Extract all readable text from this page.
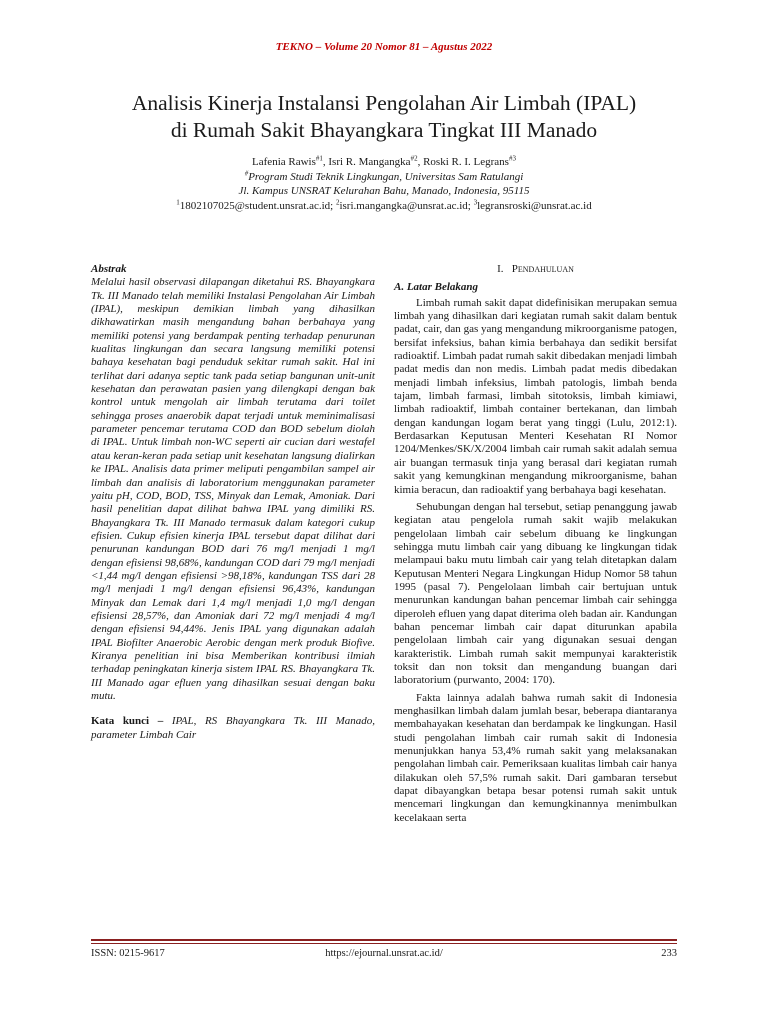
TEKNO – Volume 20 Nomor 81 – Agustus 2022
Analisis Kinerja Instalansi Pengolahan Air Limbah (IPAL)
di Rumah Sakit Bhayangkara Tingkat III Manado
Lafenia Rawis$^{\#1}$, Isri R. Mangangka$^{\#2}$, Roski R. I. Legrans$^{\#3}$
#Program Studi Teknik Lingkungan, Universitas Sam Ratulangi
Jl. Kampus UNSRAT Kelurahan Bahu, Manado, Indonesia, 95115
$^1$1802107025@student.unsrat.ac.id; $^2$isri.mangangka@unsrat.ac.id; $^3$legransroski@unsrat.ac.id
Abstrak

Melalui hasil observasi dilapangan diketahui RS. Bhayangkara Tk. III Manado telah memiliki Instalasi Pengolahan Air Limbah (IPAL), meskipun demikian limbah yang dihasilkan dikhawatirkan masih mengandung bahan berbahaya yang memiliki potensi yang berdampak penting terhadap penurunan kualitas lingkungan dan secara langsung memiliki potensi bahaya kesehatan bagi penduduk sekitar rumah sakit. Hal ini terlihat dari adanya septic tank pada setiap bangunan unit-unit kesehatan dan perawatan pasien yang dilengkapi dengan bak kontrol untuk mengolah air limbah terutama dari toilet sehingga proses anaerobik dapat terjadi untuk meminimalisasi parameter pencemar terutama COD dan BOD sebelum diolah di IPAL. Untuk limbah non-WC seperti air cucian dari westafel atau keran-keran pada setiap unit kesehatan langsung dialirkan ke IPAL. Analisis data primer meliputi pengambilan sampel air limbah dan analisis di laboratorium menggunakan parameter yaitu pH, COD, BOD, TSS, Minyak dan Lemak, Amoniak. Dari hasil penelitian dapat dilihat bahwa IPAL yang dimiliki RS. Bhayangkara Tk. III Manado termasuk dalam kategori cukup efisien. Cukup efisien kinerja IPAL tersebut dapat dilihat dari penurunan kandungan BOD dari 76 mg/l menjadi 1 mg/l dengan efisiensi 98,68%, kandungan COD dari 79 mg/l menjadi <1,44 mg/l dengan efisiensi >98,18%, kandungan TSS dari 28 mg/l menjadi 1 mg/l dengan efisiensi 96,43%, kandungan Minyak dan Lemak dari 1,4 mg/l menjadi 1,0 mg/l dengan efisiensi 28,57%, dan Amoniak dari 72 mg/l menjadi 4 mg/l dengan efisiensi 94,44%. Jenis IPAL yang digunakan adalah IPAL Biofilter Anaerobic Aerobic dengan merk produk Biofive. Kiranya penelitian ini bisa Memberikan kontribusi ilmiah terhadap peningkatan kinerja sistem IPAL RS. Bhayangkara Tk. III Manado agar efluen yang dihasilkan sesuai dengan baku mutu.

Kata kunci – IPAL, RS Bhayangkara Tk. III Manado, parameter Limbah Cair
I. Pendahuluan
A. Latar Belakang

Limbah rumah sakit dapat didefinisikan merupakan semua limbah yang dihasilkan dari kegiatan rumah sakit dalam bentuk padat, cair, dan gas yang mengandung mikroorganisme patogen, bersifat infeksius, bahan kimia berbahaya dan sedikit bersifat radioaktif. Limbah padat rumah sakit dibedakan menjadi limbah padat medis dan non medis. Limbah padat medis dibedakan menjadi limbah infeksius, limbah patologis, limbah benda tajam, limbah farmasi, limbah sitotoksis, limbah kimiawi, limbah radioaktif, limbah container bertekanan, dan limbah dengan kandungan logam berat yang tinggi (Lulu, 2012:1). Berdasarkan Keputusan Menteri Kesehatan RI Nomor 1204/Menkes/SK/X/2004 limbah cair rumah sakit adalah semua air buangan termasuk tinja yang berasal dari kegiatan rumah sakit yang kemungkinan mengandung mikroorganisme, bahan kimia beracun, dan radioaktif yang berbahaya bagi kesehatan.

Sehubungan dengan hal tersebut, setiap penanggung jawab kegiatan atau pengelola rumah sakit wajib melakukan pengelolaan limbah cair sebelum dibuang ke lingkungan sehingga mutu limbah cair yang dibuang ke lingkungan tidak melampaui baku mutu limbah cair yang telah ditetapkan dalam Keputusan Menteri Negara Lingkungan Hidup Nomor 58 tahun 1995 (pasal 7). Pengelolaan limbah cair bertujuan untuk menurunkan kandungan bahan pencemar limbah cair sehingga diperoleh efluen yang dapat diterima oleh badan air. Kandungan bahan pencemar limbah cair dapat diturunkan apabila pengelolaan limbah cair yang digunakan sesuai dengan karakteristik. Limbah rumah sakit mempunyai karakteristik toksit dan non toksit dan mengandung buangan dari laboratorium (purwanto, 2004: 170).

Fakta lainnya adalah bahwa rumah sakit di Indonesia menghasilkan limbah dalam jumlah besar, beberapa diantaranya membahayakan kesehatan dan berdampak ke lingkungan. Hasil studi pengolahan limbah cair rumah sakit di Indonesia menunjukkan hanya 53,4% rumah sakit yang melaksanakan pengolahan limbah cair. Pemeriksaan kualitas limbah cair hanya dilakukan oleh 57,5% rumah sakit. Dari gambaran tersebut dapat dibayangkan betapa besar potensi rumah sakit untuk mencemari lingkungan dan kemungkinannya menimbulkan kecelakaan serta

ISSN: 0215-9617	https://ejournal.unsrat.ac.id/	233
